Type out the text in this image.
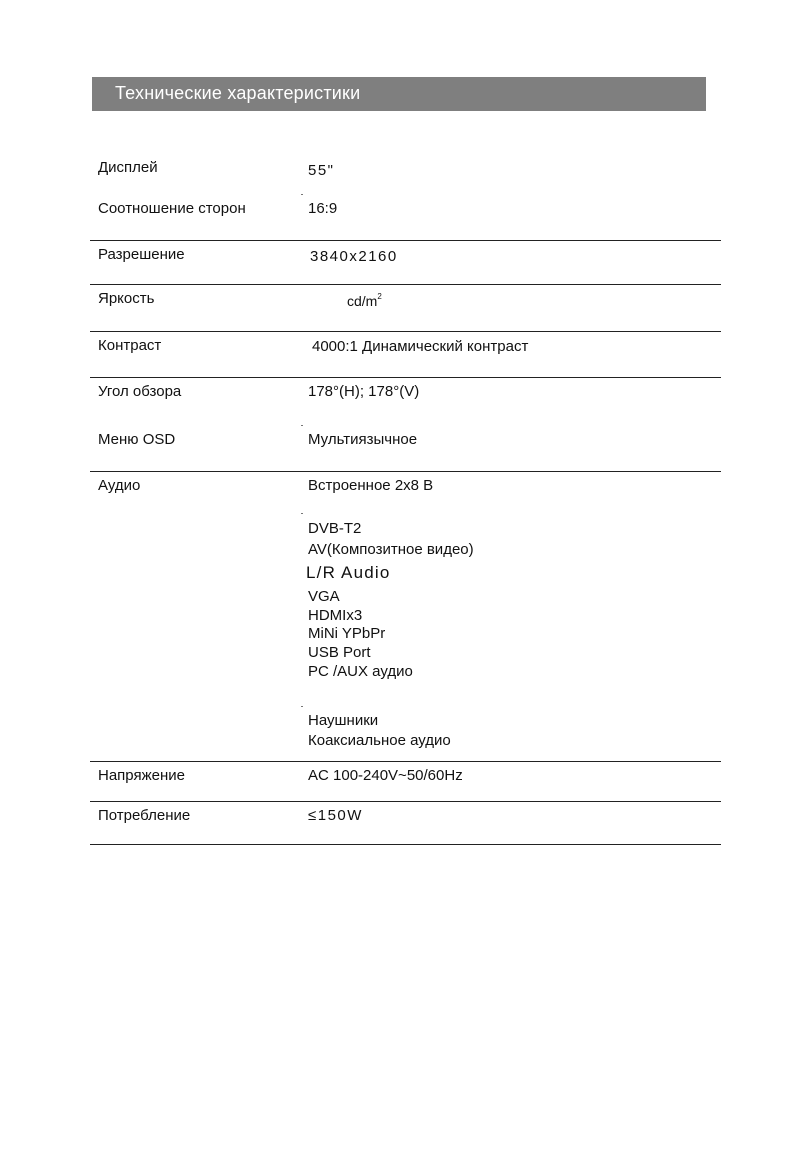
Технические характеристики
Дисплей	55"
Соотношение сторон	16:9
Разрешение	3840x2160
Яркость	$cd/m^2$
Контраст	4000:1 Динамический контраст
Угол обзора	178°(H); 178°(V)
Меню OSD	Мультиязычное
Аудио	Встроенное 2x8 В
DVB-T2
AV(Композитное видео)
L/R Audio
VGA
HDMIx3
MiNi YPbPr
USB Port
PC /AUX аудио
Наушники
Коаксиальное аудио
Напряжение	AC 100-240V~50/60Hz
Потребление	≤150W
